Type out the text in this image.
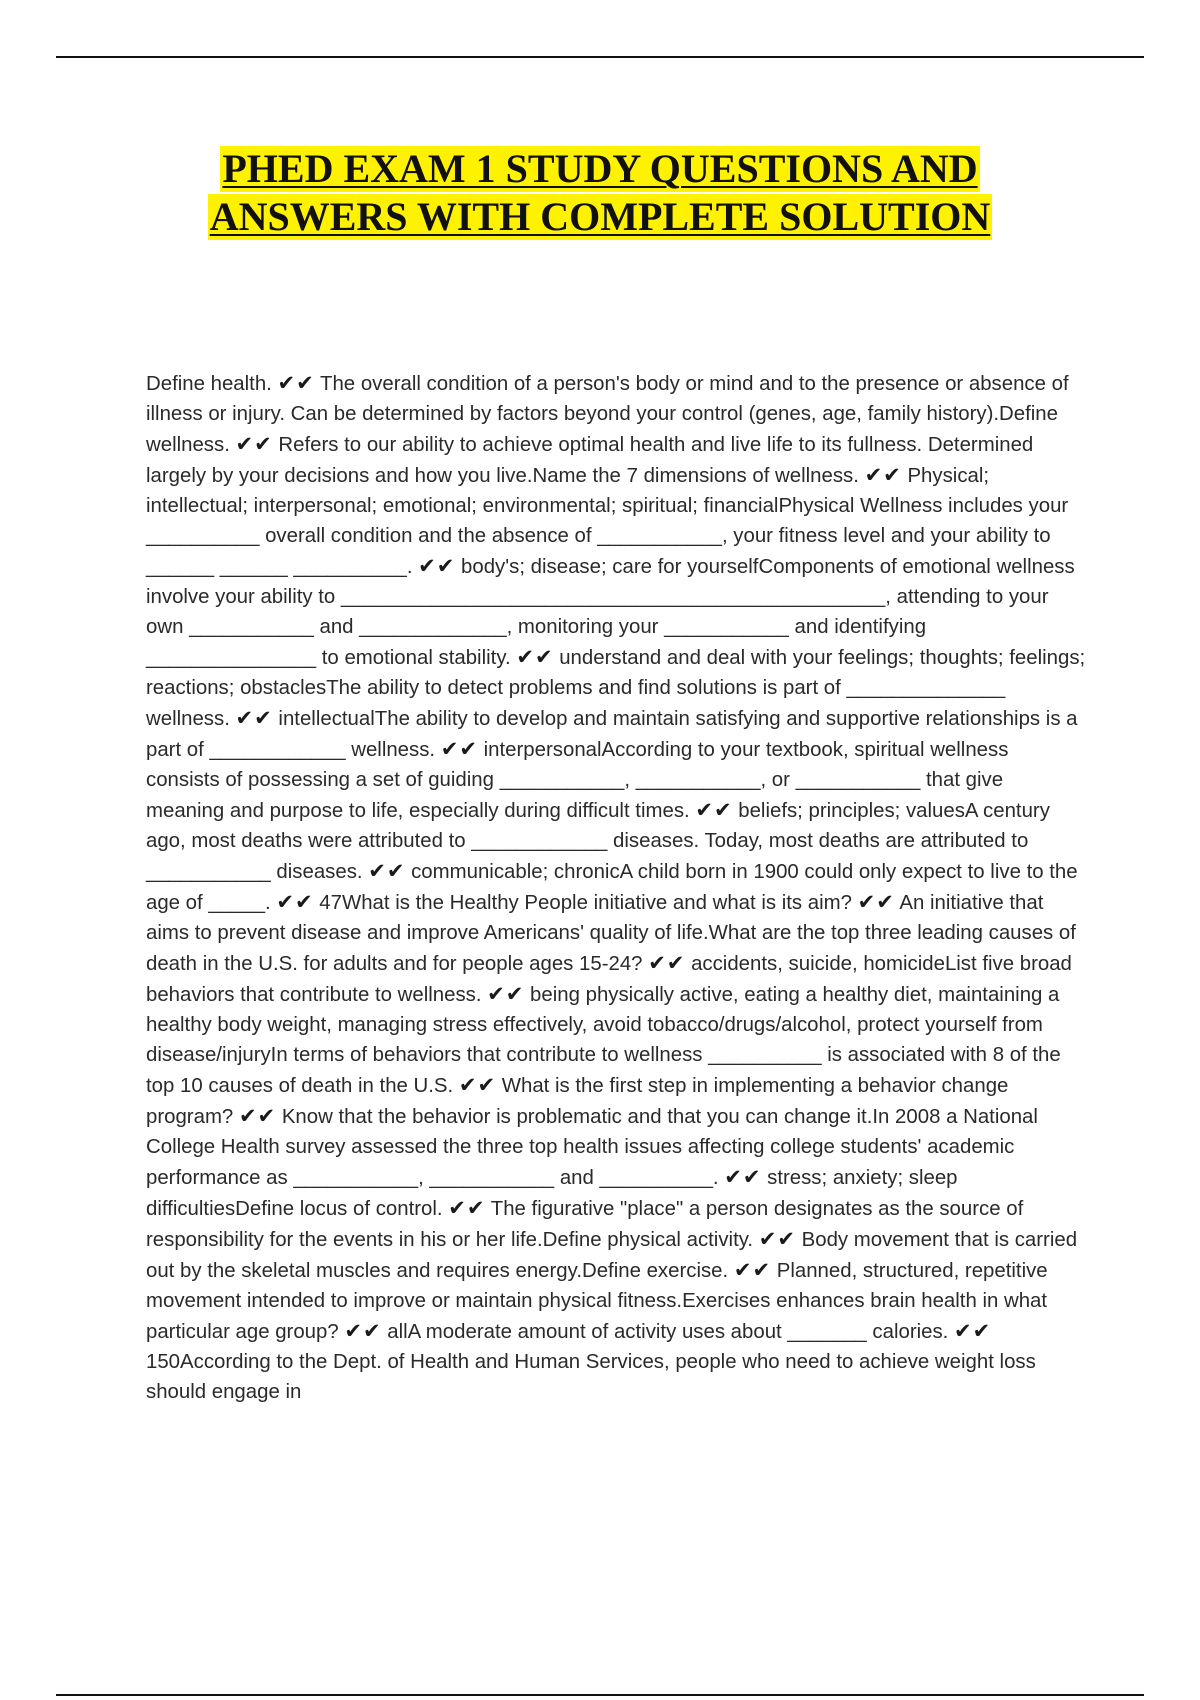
PHED EXAM 1 STUDY QUESTIONS AND
ANSWERS WITH COMPLETE SOLUTION
Define health. ✔✔ The overall condition of a person's body or mind and to the presence or absence of illness or injury. Can be determined by factors beyond your control (genes, age, family history).Define wellness. ✔✔ Refers to our ability to achieve optimal health and live life to its fullness. Determined largely by your decisions and how you live.Name the 7 dimensions of wellness. ✔✔ Physical; intellectual; interpersonal; emotional; environmental; spiritual; financialPhysical Wellness includes your __________ overall condition and the absence of ___________, your fitness level and your ability to ______ ______ __________. ✔✔ body's; disease; care for yourselfComponents of emotional wellness involve your ability to ________________________________________________, attending to your own ___________ and _____________, monitoring your ___________ and identifying _______________ to emotional stability. ✔✔ understand and deal with your feelings; thoughts; feelings; reactions; obstaclesThe ability to detect problems and find solutions is part of ______________ wellness. ✔✔ intellectualThe ability to develop and maintain satisfying and supportive relationships is a part of ____________ wellness. ✔✔ interpersonalAccording to your textbook, spiritual wellness consists of possessing a set of guiding ___________, ___________, or ___________ that give meaning and purpose to life, especially during difficult times. ✔✔ beliefs; principles; valuesA century ago, most deaths were attributed to ____________ diseases. Today, most deaths are attributed to ___________ diseases. ✔✔ communicable; chronicA child born in 1900 could only expect to live to the age of _____. ✔✔ 47What is the Healthy People initiative and what is its aim? ✔✔ An initiative that aims to prevent disease and improve Americans' quality of life.What are the top three leading causes of death in the U.S. for adults and for people ages 15-24? ✔✔ accidents, suicide, homicideList five broad behaviors that contribute to wellness. ✔✔ being physically active, eating a healthy diet, maintaining a healthy body weight, managing stress effectively, avoid tobacco/drugs/alcohol, protect yourself from disease/injuryIn terms of behaviors that contribute to wellness __________ is associated with 8 of the top 10 causes of death in the U.S. ✔✔ What is the first step in implementing a behavior change program? ✔✔ Know that the behavior is problematic and that you can change it.In 2008 a National College Health survey assessed the three top health issues affecting college students' academic performance as ___________, ___________ and __________. ✔✔ stress; anxiety; sleep difficultiesDefine locus of control. ✔✔ The figurative "place" a person designates as the source of responsibility for the events in his or her life.Define physical activity. ✔✔ Body movement that is carried out by the skeletal muscles and requires energy.Define exercise. ✔✔ Planned, structured, repetitive movement intended to improve or maintain physical fitness.Exercises enhances brain health in what particular age group? ✔✔ allA moderate amount of activity uses about _______ calories. ✔✔ 150According to the Dept. of Health and Human Services, people who need to achieve weight loss should engage in
